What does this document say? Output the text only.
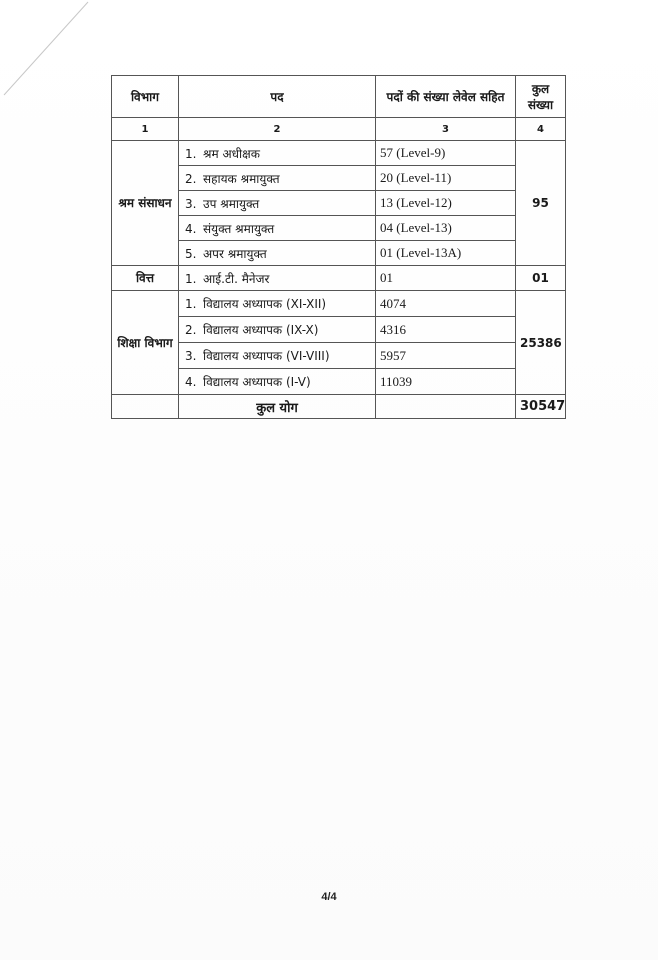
विभाग	पद	पदों की संख्या लेवेल सहित	कुल संख्या
1	2	3	4
श्रम संसाधन	1. श्रम अधीक्षक	57 (Level-9)	95
	2. सहायक श्रमायुक्त	20 (Level-11)	
	3. उप श्रमायुक्त	13 (Level-12)	
	4. संयुक्त श्रमायुक्त	04 (Level-13)	
	5. अपर श्रमायुक्त	01 (Level-13A)	
वित्त	1. आई.टी. मैनेजर	01	01
शिक्षा विभाग	1. विद्यालय अध्यापक (XI-XII)	4074	25386
	2. विद्यालय अध्यापक (IX-X)	4316	
	3. विद्यालय अध्यापक (VI-VIII)	5957	
	4. विद्यालय अध्यापक (I-V)	11039	
	कुल योग		30547
4/4
